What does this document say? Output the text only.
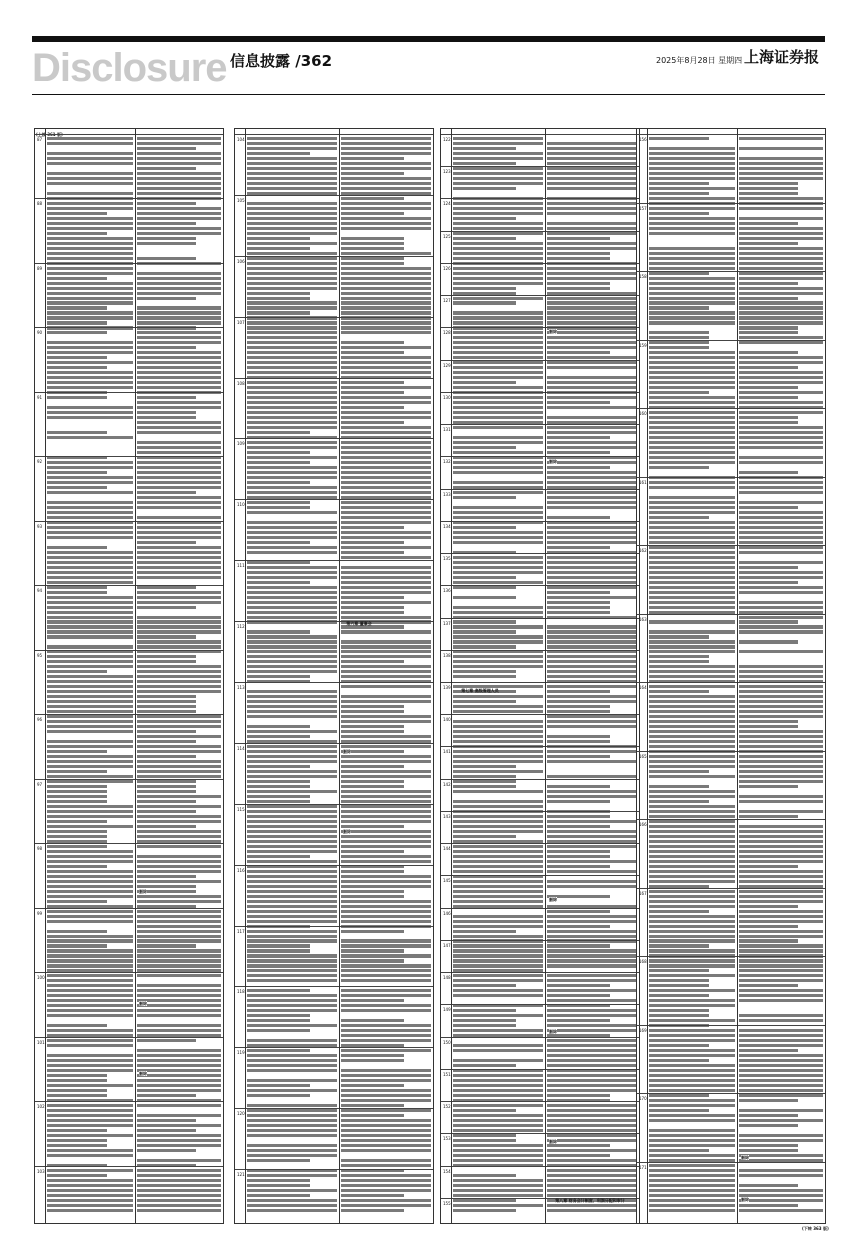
Disclosure 信息披露 /362	2025年8月28日 星期四 上海证券报
87
88
89
90
91
92
93
94
95
96
97
98
99
100
101
102
103
删除
删除
删除
104
105
106
107
108
109
110
111
112
113
114
115
116
117
118
119
120
121
删除
删除
122
123
124
125
126
127
128
129
130
131
132
133
134
135
136
137
138
139
140
141
142
143
144
145
146
147
148
149
150
151
152
153
154
155
删除
删除
删除
删除
删除
156
157
158
159
160
161
162
163
164
165
166
167
168
169
170
171
删除
删除
第六章 董事会
第七章 高级管理人员
第八章 财务会计制度、利润分配和审计
(下转 363 版)
